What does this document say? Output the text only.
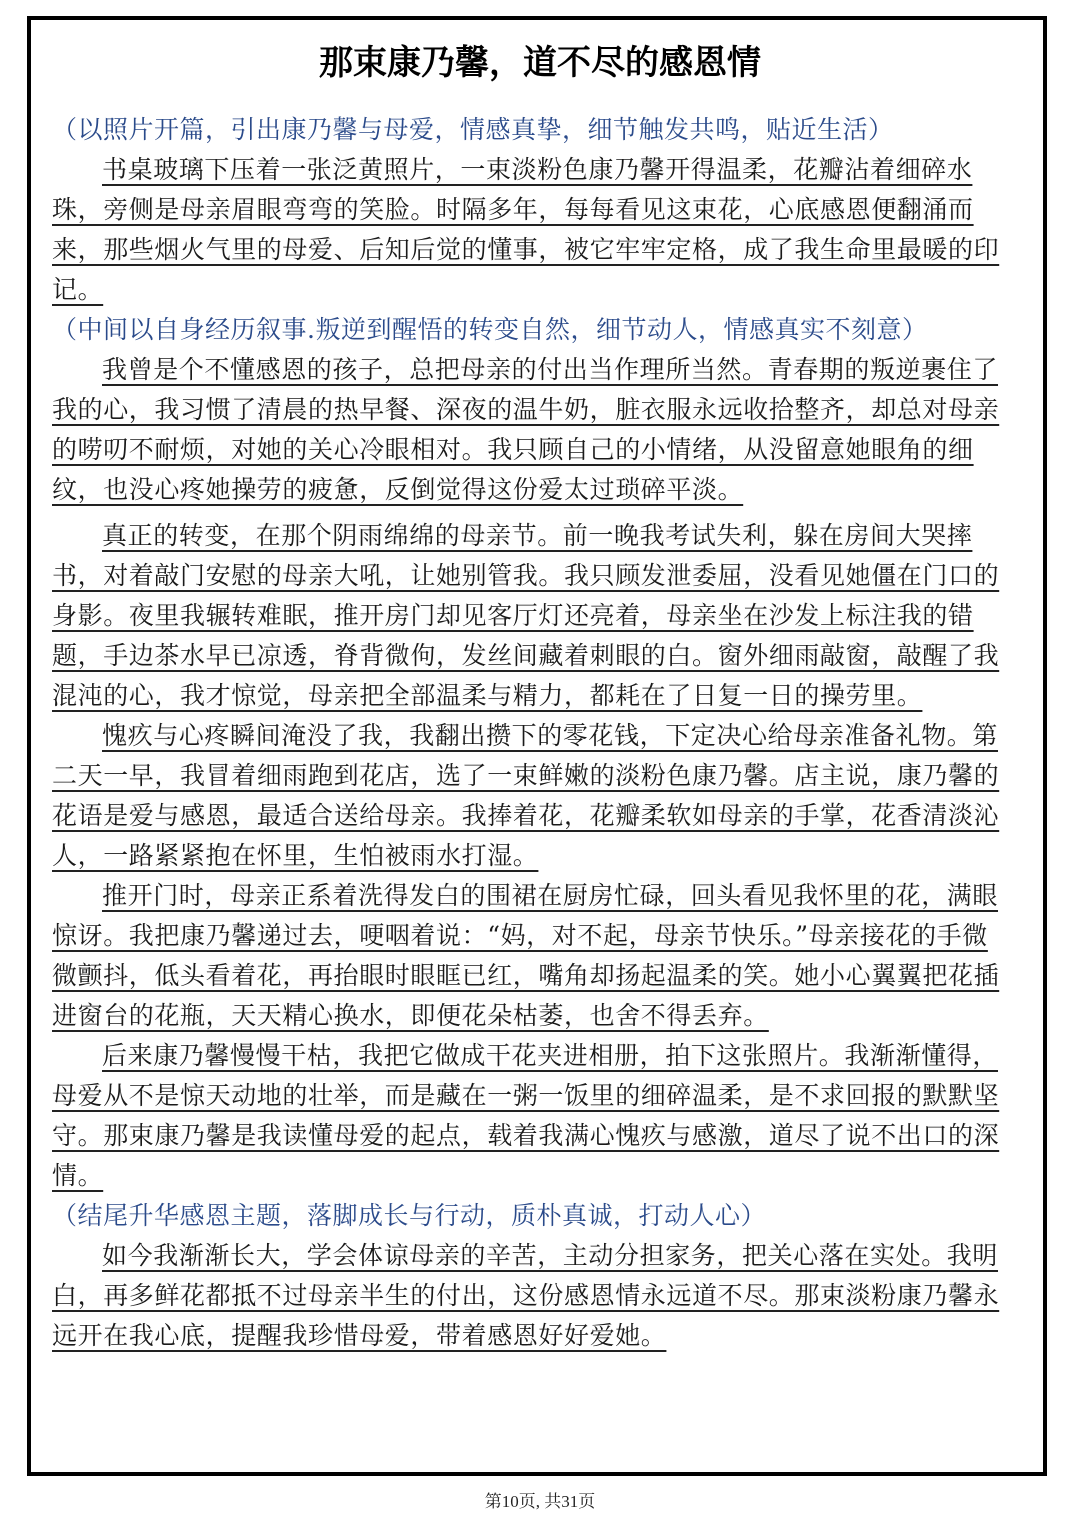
那束康乃馨，道不尽的感恩情

（以照片开篇，引出康乃馨与母爱，情感真挚，细节触发共鸣，贴近生活）

书桌玻璃下压着一张泛黄照片，一束淡粉色康乃馨开得温柔，花瓣沾着细碎水珠，旁侧是母亲眉眼弯弯的笑脸。时隔多年，每每看见这束花，心底感恩便翻涌而来，那些烟火气里的母爱、后知后觉的懂事，被它牢牢定格，成了我生命里最暖的印记。

（中间以自身经历叙事.叛逆到醒悟的转变自然，细节动人，情感真实不刻意）

我曾是个不懂感恩的孩子，总把母亲的付出当作理所当然。青春期的叛逆裹住了我的心，我习惯了清晨的热早餐、深夜的温牛奶，脏衣服永远收拾整齐，却总对母亲的唠叨不耐烦，对她的关心冷眼相对。我只顾自己的小情绪，从没留意她眼角的细纹，也没心疼她操劳的疲惫，反倒觉得这份爱太过琐碎平淡。

真正的转变，在那个阴雨绵绵的母亲节。前一晚我考试失利，躲在房间大哭摔书，对着敲门安慰的母亲大吼，让她别管我。我只顾发泄委屈，没看见她僵在门口的身影。夜里我辗转难眠，推开房门却见客厅灯还亮着，母亲坐在沙发上标注我的错题，手边茶水早已凉透，脊背微佝，发丝间藏着刺眼的白。窗外细雨敲窗，敲醒了我混沌的心，我才惊觉，母亲把全部温柔与精力，都耗在了日复一日的操劳里。

愧疚与心疼瞬间淹没了我，我翻出攒下的零花钱，下定决心给母亲准备礼物。第二天一早，我冒着细雨跑到花店，选了一束鲜嫩的淡粉色康乃馨。店主说，康乃馨的花语是爱与感恩，最适合送给母亲。我捧着花，花瓣柔软如母亲的手掌，花香清淡沁人，一路紧紧抱在怀里，生怕被雨水打湿。

推开门时，母亲正系着洗得发白的围裙在厨房忙碌，回头看见我怀里的花，满眼惊讶。我把康乃馨递过去，哽咽着说：“妈，对不起，母亲节快乐。”母亲接花的手微微颤抖，低头看着花，再抬眼时眼眶已红，嘴角却扬起温柔的笑。她小心翼翼把花插进窗台的花瓶，天天精心换水，即便花朵枯萎，也舍不得丢弃。

后来康乃馨慢慢干枯，我把它做成干花夹进相册，拍下这张照片。我渐渐懂得，母爱从不是惊天动地的壮举，而是藏在一粥一饭里的细碎温柔，是不求回报的默默坚守。那束康乃馨是我读懂母爱的起点，载着我满心愧疚与感激，道尽了说不出口的深情。

（结尾升华感恩主题，落脚成长与行动，质朴真诚，打动人心）

如今我渐渐长大，学会体谅母亲的辛苦，主动分担家务，把关心落在实处。我明白，再多鲜花都抵不过母亲半生的付出，这份感恩情永远道不尽。那束淡粉康乃馨永远开在我心底，提醒我珍惜母爱，带着感恩好好爱她。

第10页, 共31页
